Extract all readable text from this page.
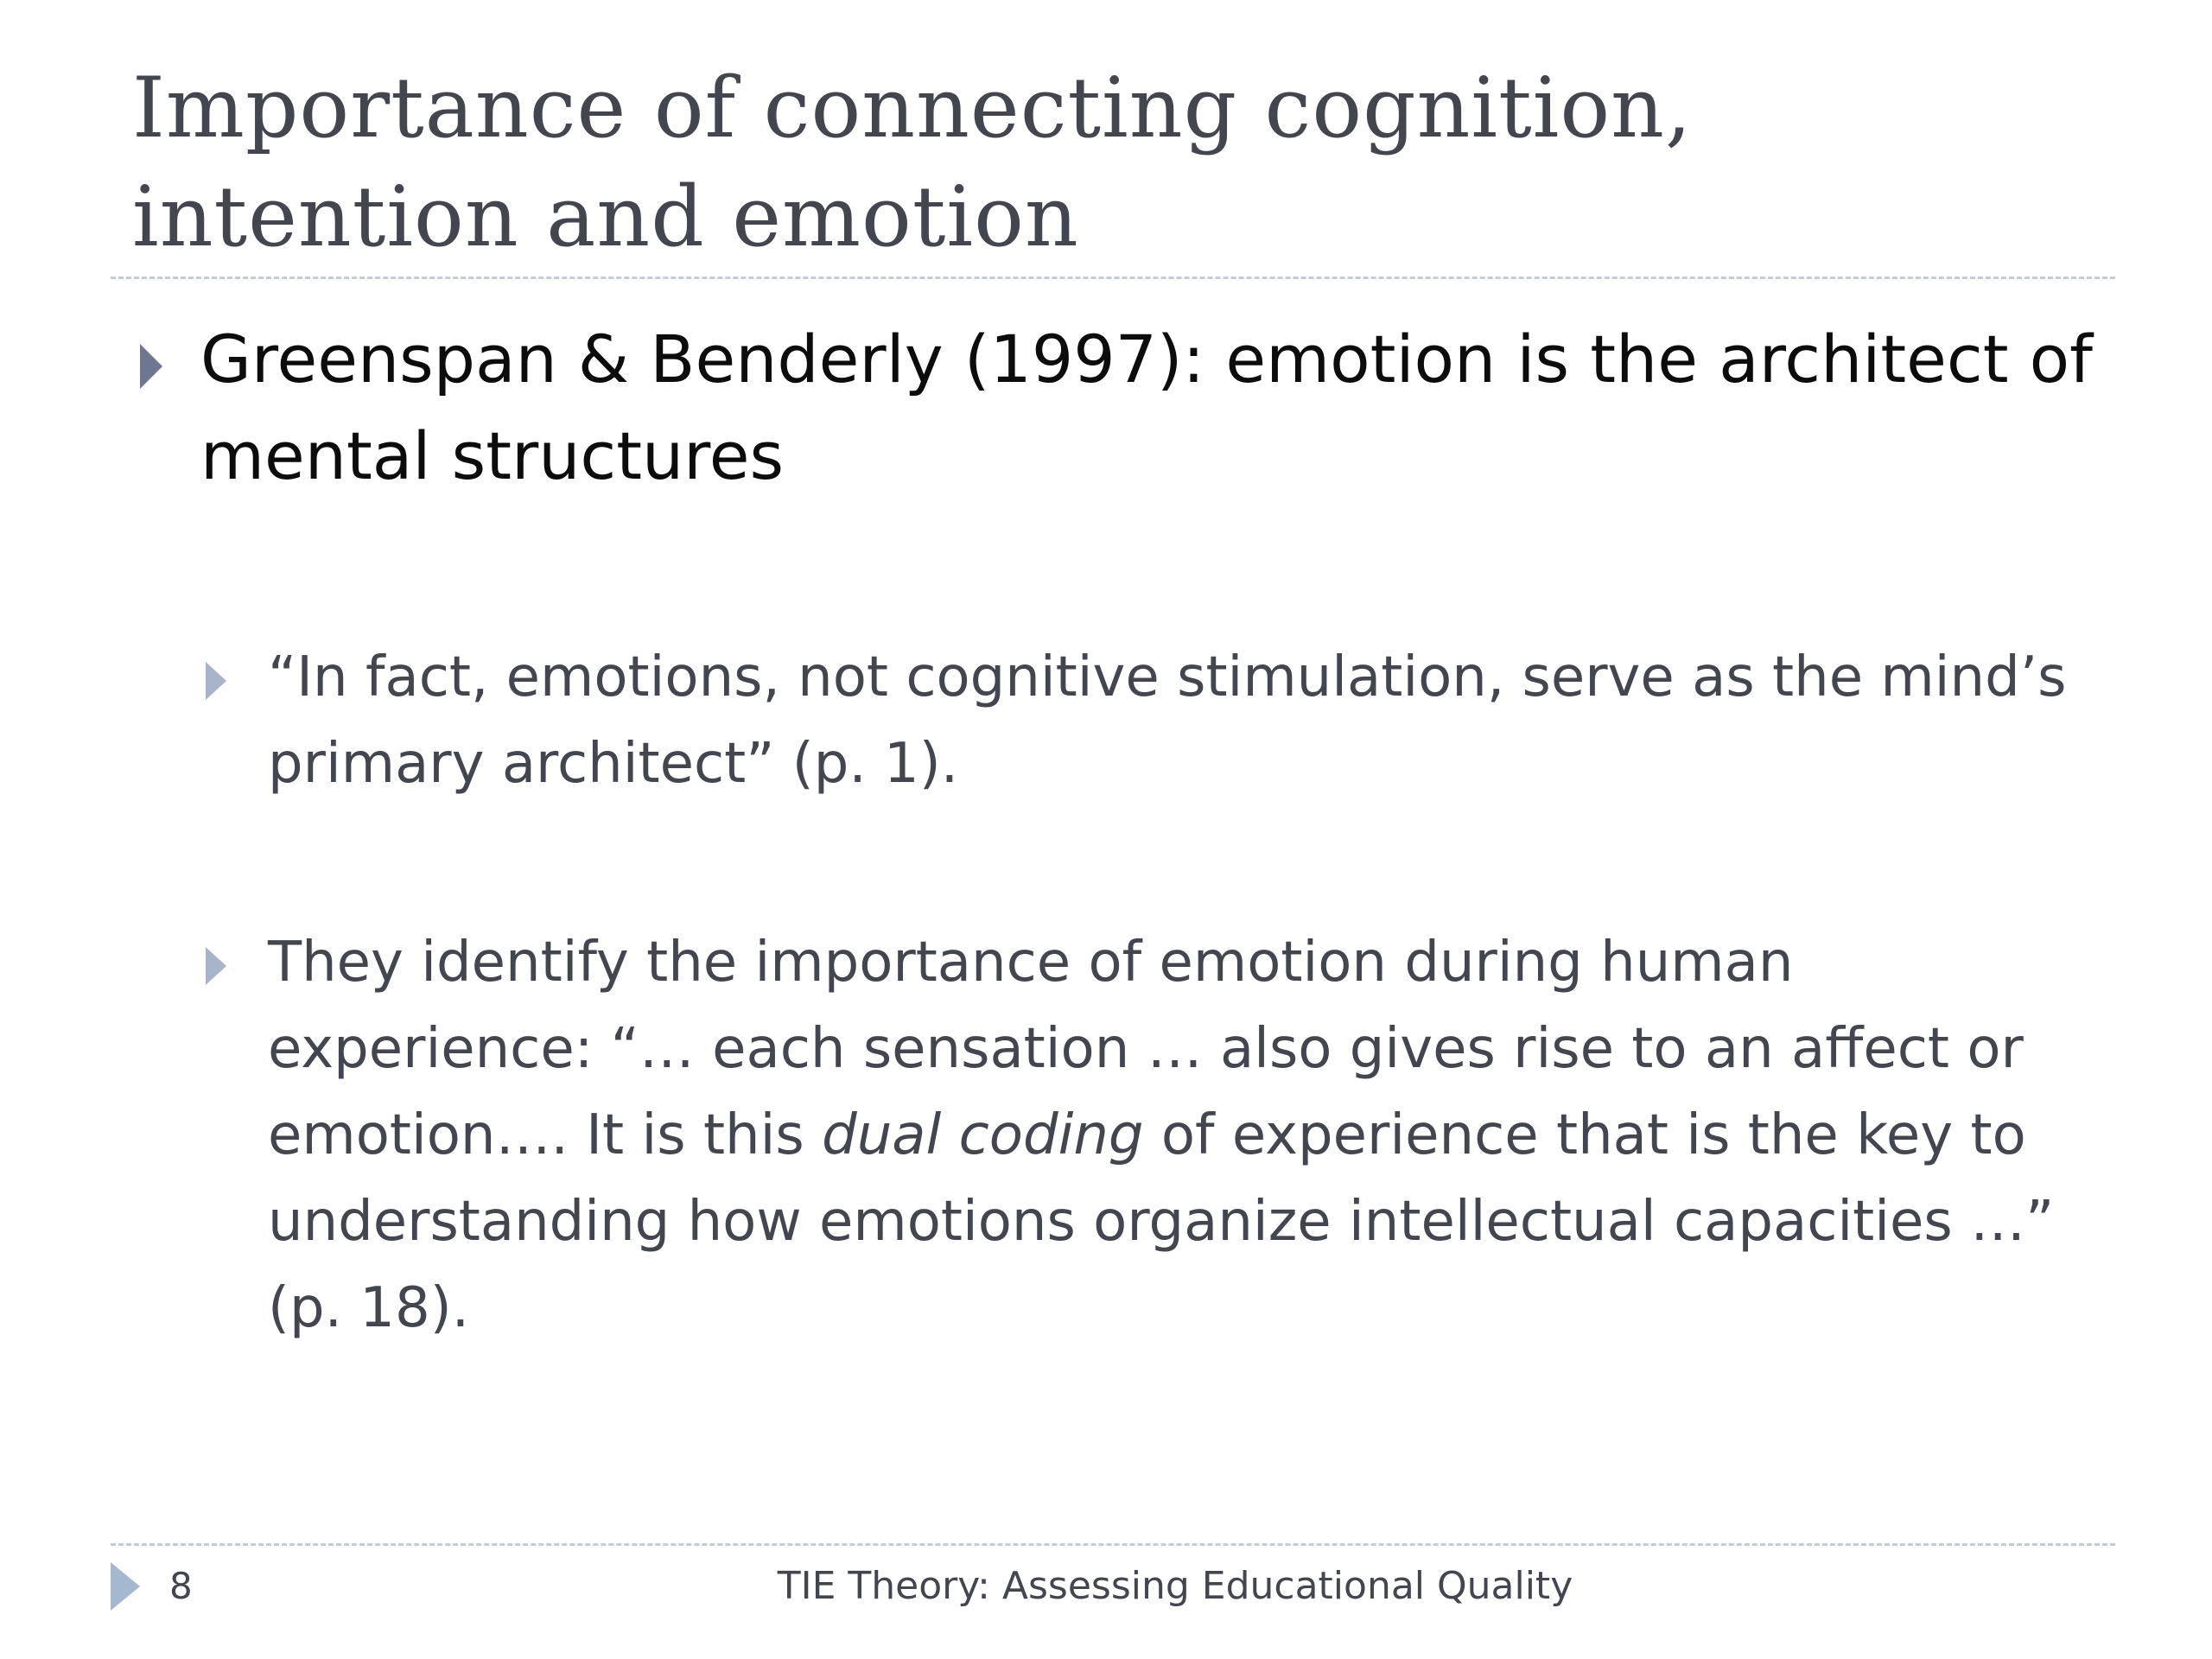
Importance of connecting cognition,
intention and emotion

Greenspan & Benderly (1997): emotion is the architect of mental structures

“In fact, emotions, not cognitive stimulation, serve as the mind’s primary architect” (p. 1).

They identify the importance of emotion during human experience: “… each sensation … also gives rise to an affect or emotion…. It is this dual coding of experience that is the key to understanding how emotions organize intellectual capacities …” (p. 18).

8	TIE Theory: Assessing Educational Quality
